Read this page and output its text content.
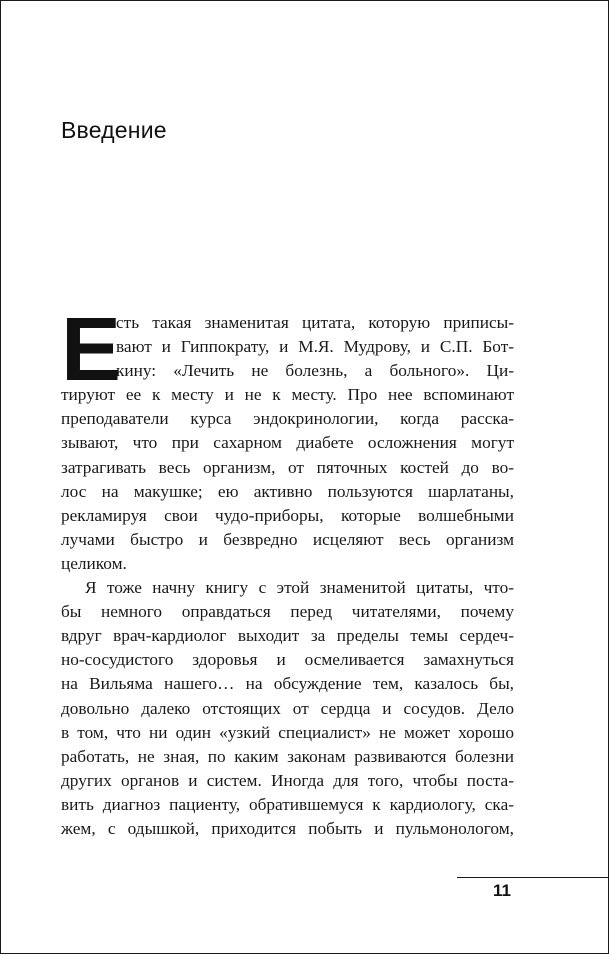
Введение
Е
сть такая знаменитая цитата, которую приписы-
вают и Гиппократу, и М.Я. Мудрову, и С.П. Бот-
кину: «Лечить не болезнь, а больного». Ци-
тируют ее к месту и не к месту. Про нее вспоминают
преподаватели курса эндокринологии, когда расска-
зывают, что при сахарном диабете осложнения могут
затрагивать весь организм, от пяточных костей до во-
лос на макушке; ею активно пользуются шарлатаны,
рекламируя свои чудо-приборы, которые волшебными
лучами быстро и безвредно исцеляют весь организм
целиком.
Я тоже начну книгу с этой знаменитой цитаты, что-
бы немного оправдаться перед читателями, почему
вдруг врач-кардиолог выходит за пределы темы сердеч-
но-сосудистого здоровья и осмеливается замахнуться
на Вильяма нашего… на обсуждение тем, казалось бы,
довольно далеко отстоящих от сердца и сосудов. Дело
в том, что ни один «узкий специалист» не может хорошо
работать, не зная, по каким законам развиваются болезни
других органов и систем. Иногда для того, чтобы поста-
вить диагноз пациенту, обратившемуся к кардиологу, ска-
жем, с одышкой, приходится побыть и пульмонологом,
11
